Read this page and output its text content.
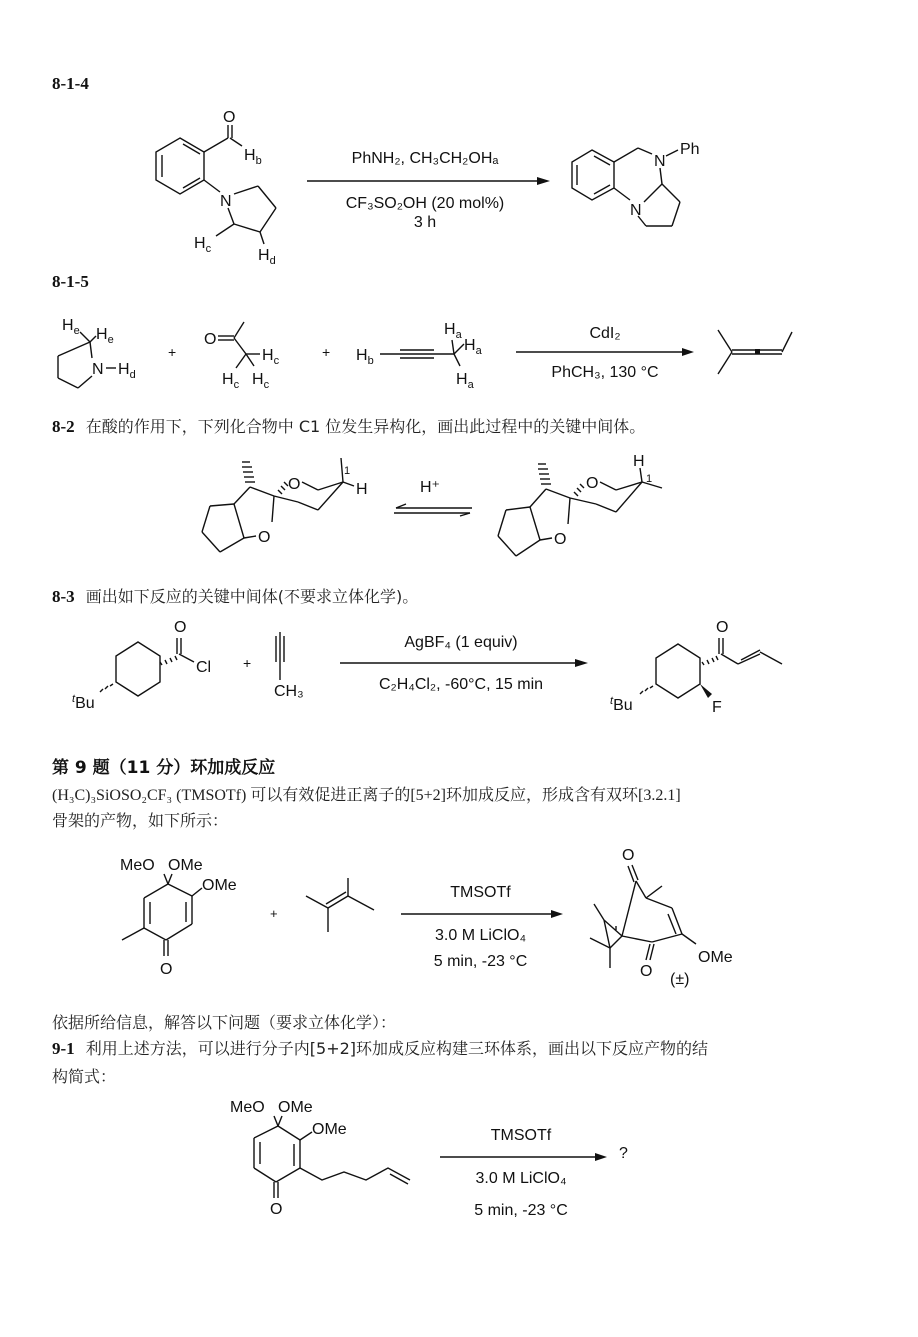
8-1-4
O
$H_b$
N
$H_c$	$H_d$
PhNH₂, CH₃CH₂OHₐ
CF₃SO₂OH (20 mol%)
3 h
N
Ph
N
8-1-5
$H_e$ $H_e$
N $H_d$
+
O
$H_c$
$H_c$ $H_c$
+ $H_b$
$H_a$
$H_a$
$H_a$
CdI₂
PhCH₃, 130 °C
8-2 在酸的作用下，下列化合物中 C1 位发生异构化，画出此过程中的关键中间体。
O
O
1
H	H⁺
O
O
H
1
8-3 画出如下反应的关键中间体(不要求立体化学)。
O
Cl
$^t$Bu
+
CH₃
AgBF₄ (1 equiv)
C₂H₄Cl₂, -60°C, 15 min
O
F
$^t$Bu
第 9 题（11 分）环加成反应
(H₃C)₃SiOSO₂CF₃ (TMSOTf) 可以有效促进正离子的[5+2]环加成反应，形成含有双环[3.2.1]
骨架的产物，如下所示：
MeO OMe
OMe
O
+
TMSOTf
3.0 M LiClO₄
5 min, -23 °C
O
OMe
O (±)
依据所给信息，解答以下问题（要求立体化学）：
9-1 利用上述方法，可以进行分子内[5+2]环加成反应构建三环体系，画出以下反应产物的结
构简式：
MeO OMe
OMe
O
TMSOTf
3.0 M LiClO₄
5 min, -23 °C
?
